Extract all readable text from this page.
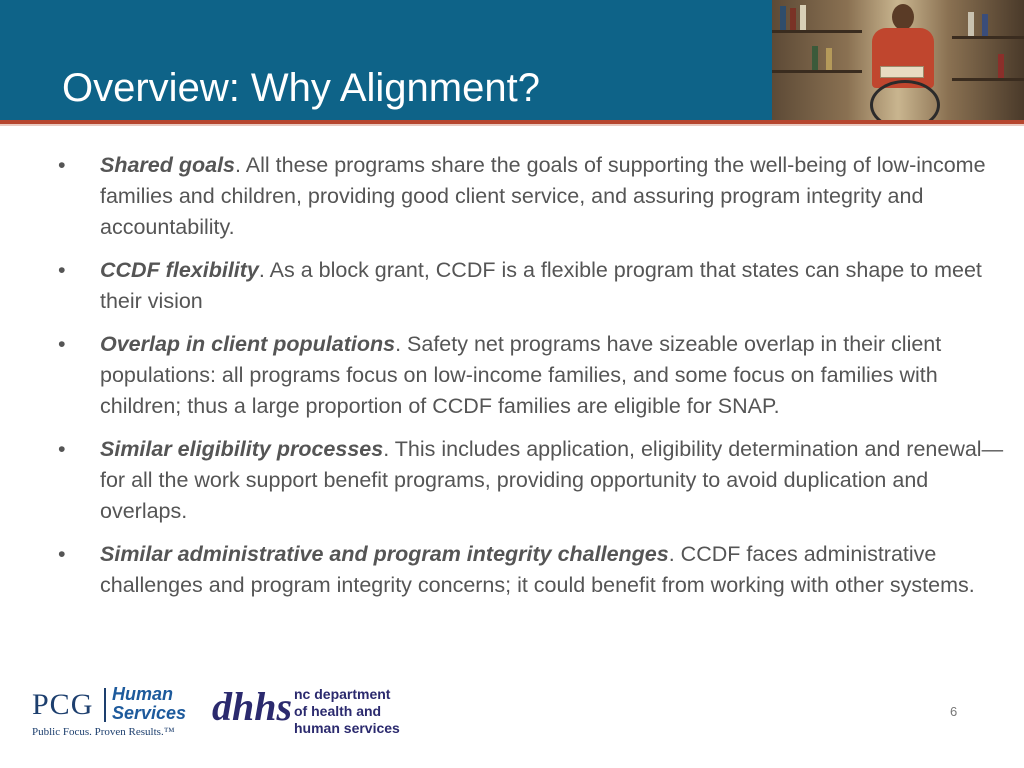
Overview: Why Alignment?
•	Shared goals. All these programs share the goals of supporting the well-being of low-income families and children, providing good client service, and assuring program integrity and accountability.
•	CCDF flexibility. As a block grant, CCDF is a flexible program that states can shape to meet their vision
•	Overlap in client populations. Safety net programs have sizeable overlap in their client populations: all programs focus on low-income families, and some focus on families with children; thus a large proportion of CCDF families are eligible for SNAP.
•	Similar eligibility processes. This includes application, eligibility determination and renewal—for all the work support benefit programs, providing opportunity to avoid duplication and overlaps.
•	Similar administrative and program integrity challenges. CCDF faces administrative challenges and program integrity concerns; it could benefit from working with other systems.
PCG Human
Services
Public Focus. Proven Results.™
dhhs nc department
of health and
human services
6
